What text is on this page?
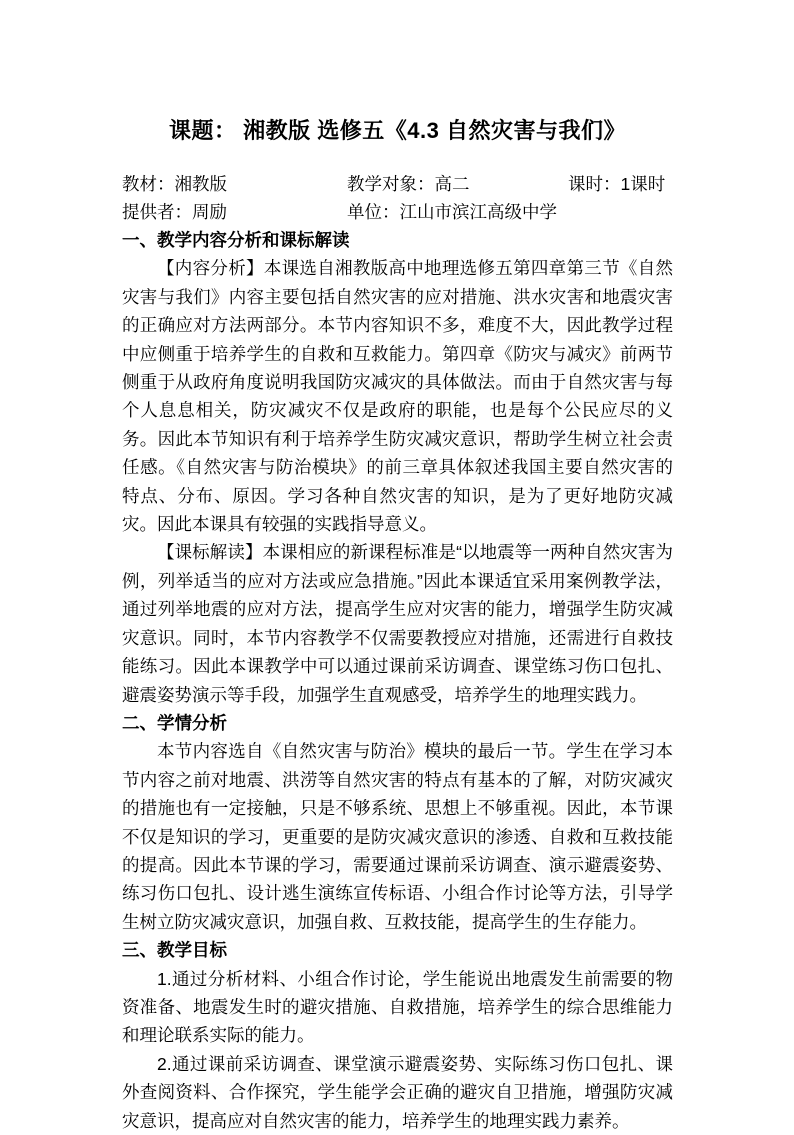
课题： 湘教版 选修五《4.3 自然灾害与我们》
教材：湘教版	教学对象：高二	课时：1课时
提供者：周励	单位：江山市滨江高级中学
一、教学内容分析和课标解读

【内容分析】本课选自湘教版高中地理选修五第四章第三节《自然灾害与我们》内容主要包括自然灾害的应对措施、洪水灾害和地震灾害的正确应对方法两部分。本节内容知识不多，难度不大，因此教学过程中应侧重于培养学生的自救和互救能力。第四章《防灾与减灾》前两节侧重于从政府角度说明我国防灾减灾的具体做法。而由于自然灾害与每个人息息相关，防灾减灾不仅是政府的职能，也是每个公民应尽的义务。因此本节知识有利于培养学生防灾减灾意识，帮助学生树立社会责任感。《自然灾害与防治模块》的前三章具体叙述我国主要自然灾害的特点、分布、原因。学习各种自然灾害的知识，是为了更好地防灾减灾。因此本课具有较强的实践指导意义。

【课标解读】本课相应的新课程标准是“以地震等一两种自然灾害为例，列举适当的应对方法或应急措施。”因此本课适宜采用案例教学法，通过列举地震的应对方法，提高学生应对灾害的能力，增强学生防灾减灾意识。同时，本节内容教学不仅需要教授应对措施，还需进行自救技能练习。因此本课教学中可以通过课前采访调查、课堂练习伤口包扎、避震姿势演示等手段，加强学生直观感受，培养学生的地理实践力。

二、学情分析

本节内容选自《自然灾害与防治》模块的最后一节。学生在学习本节内容之前对地震、洪涝等自然灾害的特点有基本的了解，对防灾减灾的措施也有一定接触，只是不够系统、思想上不够重视。因此，本节课不仅是知识的学习，更重要的是防灾减灾意识的渗透、自救和互救技能的提高。因此本节课的学习，需要通过课前采访调查、演示避震姿势、练习伤口包扎、设计逃生演练宣传标语、小组合作讨论等方法，引导学生树立防灾减灾意识，加强自救、互救技能，提高学生的生存能力。

三、教学目标

1.通过分析材料、小组合作讨论，学生能说出地震发生前需要的物资准备、地震发生时的避灾措施、自救措施，培养学生的综合思维能力和理论联系实际的能力。

2.通过课前采访调查、课堂演示避震姿势、实际练习伤口包扎、课外查阅资料、合作探究，学生能学会正确的避灾自卫措施，增强防灾减灾意识，提高应对自然灾害的能力，培养学生的地理实践力素养。
